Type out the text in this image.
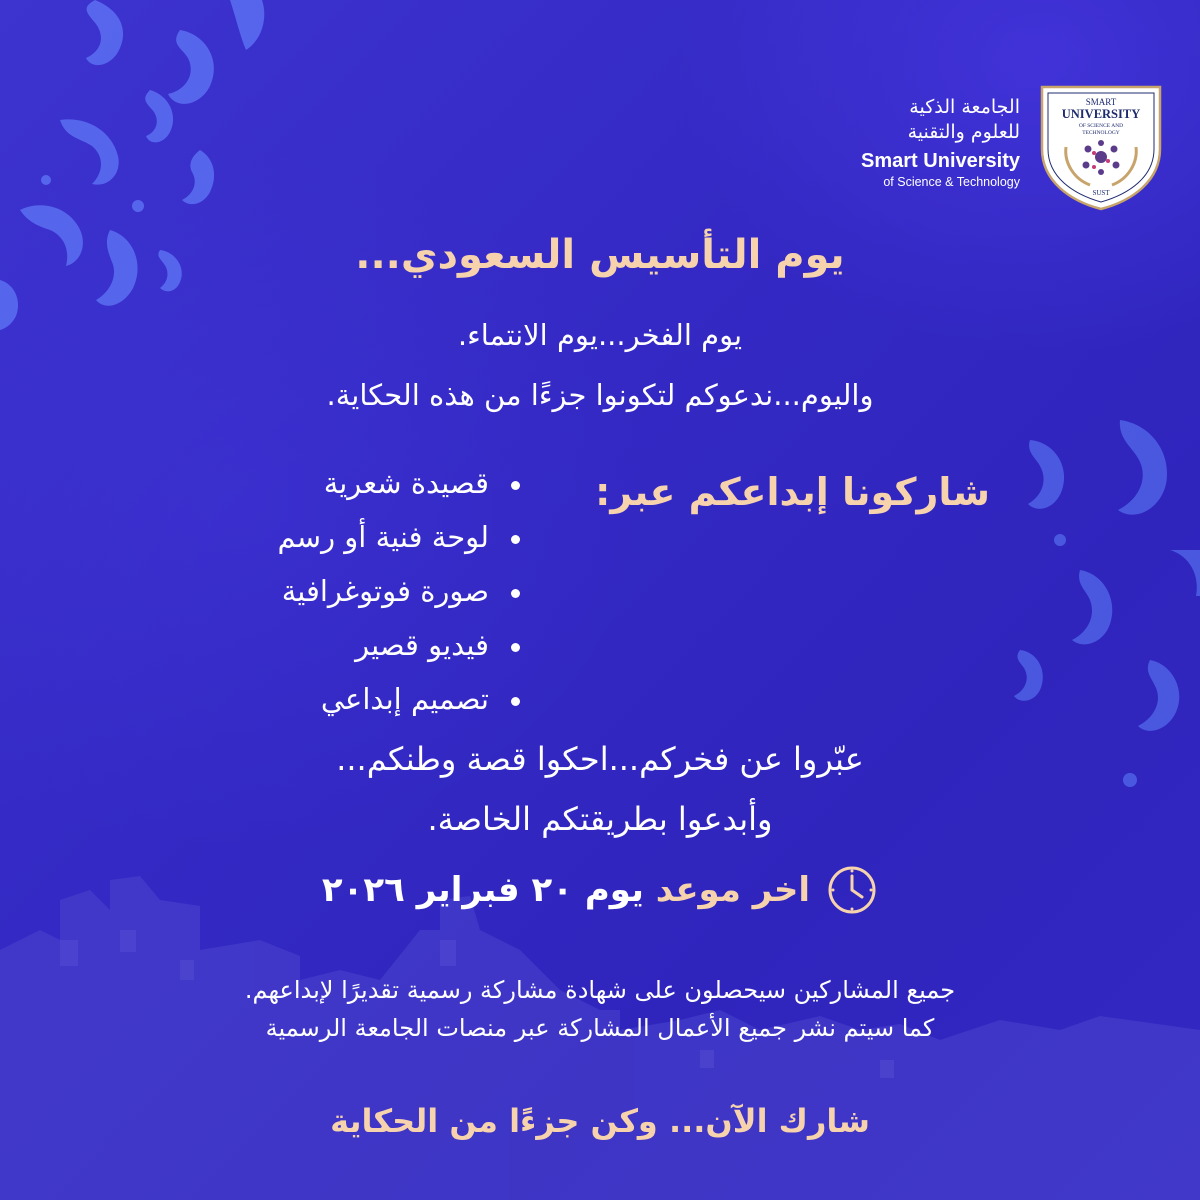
الجامعة الذكية
للعلوم والتقنية
Smart University
of Science & Technology
SMART
UNIVERSITY
OF SCIENCE AND
TECHNOLOGY
SUST
يوم التأسيس السعودي...
يوم الفخر...يوم الانتماء.
واليوم...ندعوكم لتكونوا جزءًا من هذه الحكاية.
شاركونا إبداعكم عبر:
قصيدة شعرية
لوحة فنية أو رسم
صورة فوتوغرافية
فيديو قصير
تصميم إبداعي
عبّروا عن فخركم...احكوا قصة وطنكم...
وأبدعوا بطريقتكم الخاصة.
اخر موعد يوم ٢٠ فبراير ٢٠٢٦
جميع المشاركين سيحصلون على شهادة مشاركة رسمية تقديرًا لإبداعهم.
كما سيتم نشر جميع الأعمال المشاركة عبر منصات الجامعة الرسمية
شارك الآن... وكن جزءًا من الحكاية
